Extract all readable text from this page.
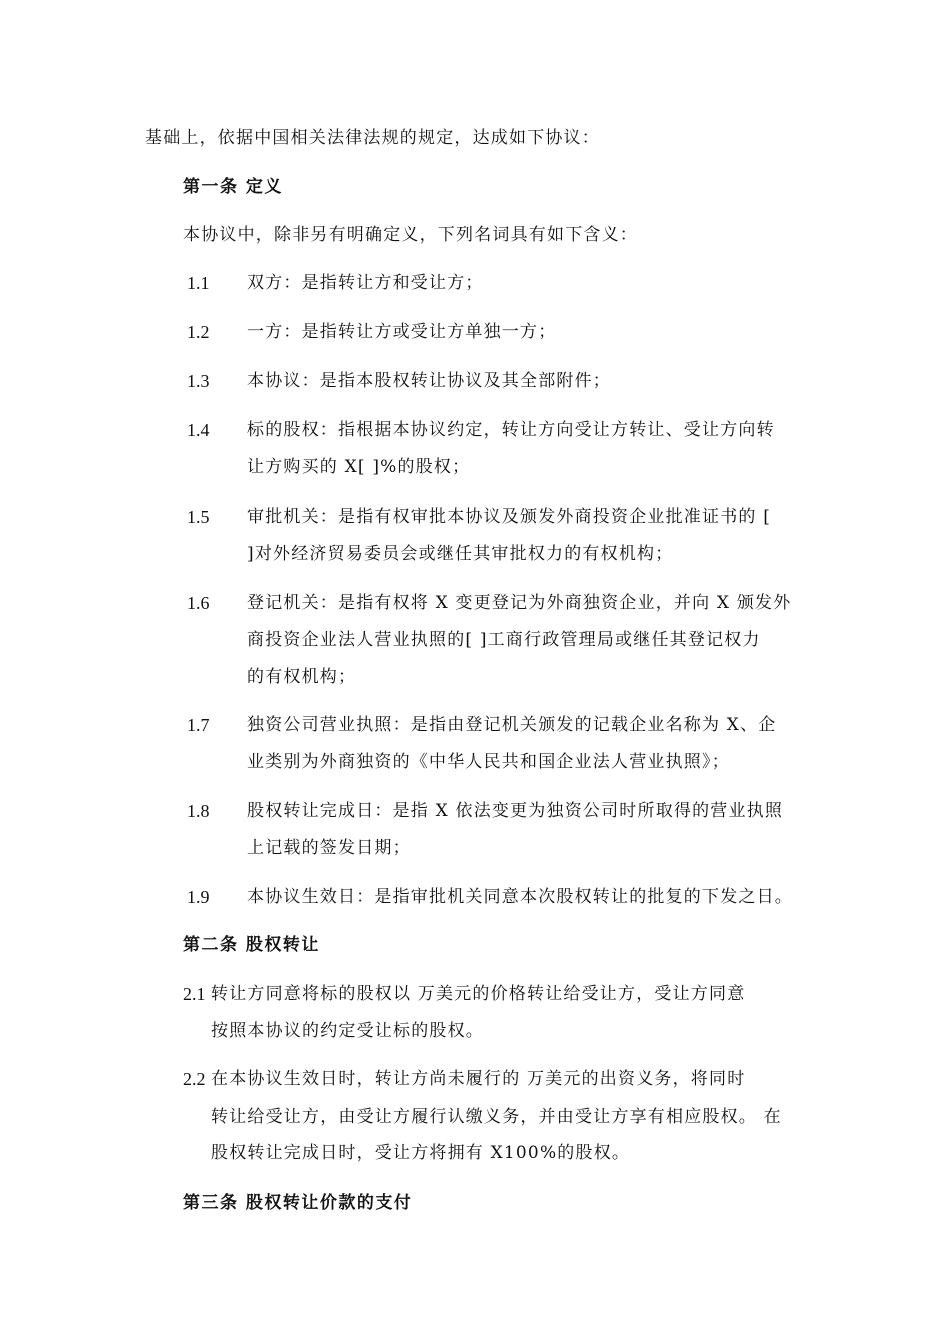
基础上，依据中国相关法律法规的规定，达成如下协议：
第一条 定义
本协议中，除非另有明确定义，下列名词具有如下含义：
1.1 双方：是指转让方和受让方；
1.2 一方：是指转让方或受让方单独一方；
1.3 本协议：是指本股权转让协议及其全部附件；
1.4 标的股权：指根据本协议约定，转让方向受让方转让、受让方向转
让方购买的 X[ ]%的股权；
1.5 审批机关：是指有权审批本协议及颁发外商投资企业批准证书的 [
]对外经济贸易委员会或继任其审批权力的有权机构；
1.6 登记机关：是指有权将 X 变更登记为外商独资企业，并向 X 颁发外
商投资企业法人营业执照的[ ]工商行政管理局或继任其登记权力
的有权机构；
1.7 独资公司营业执照：是指由登记机关颁发的记载企业名称为 X、企
业类别为外商独资的《中华人民共和国企业法人营业执照》；
1.8 股权转让完成日：是指 X 依法变更为独资公司时所取得的营业执照
上记载的签发日期；
1.9 本协议生效日：是指审批机关同意本次股权转让的批复的下发之日。
第二条 股权转让
2.1 转让方同意将标的股权以 万美元的价格转让给受让方，受让方同意
按照本协议的约定受让标的股权。
2.2 在本协议生效日时，转让方尚未履行的 万美元的出资义务，将同时
转让给受让方，由受让方履行认缴义务，并由受让方享有相应股权。 在
股权转让完成日时，受让方将拥有 X100%的股权。
第三条 股权转让价款的支付
